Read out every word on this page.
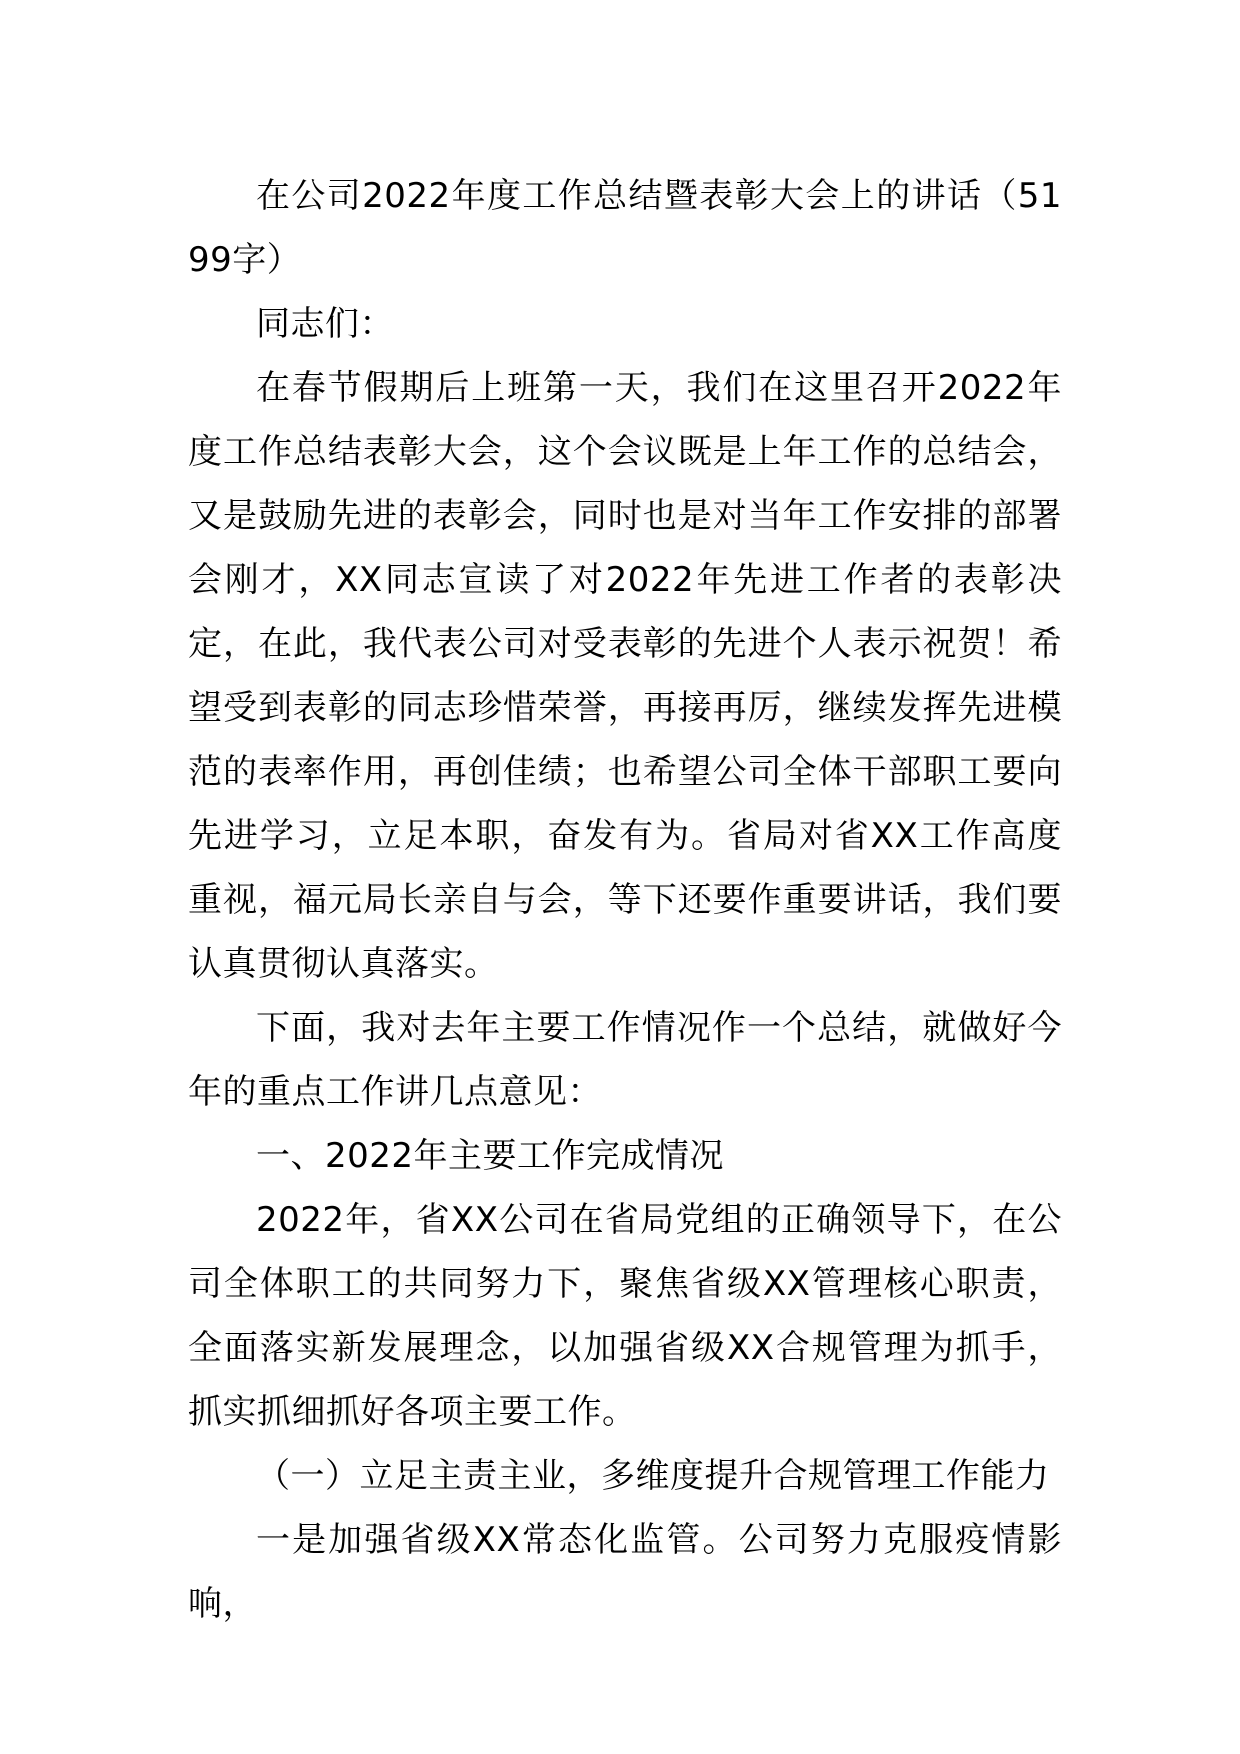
在公司2022年度工作总结暨表彰大会上的讲话（5199字）

同志们：

在春节假期后上班第一天，我们在这里召开2022年度工作总结表彰大会，这个会议既是上年工作的总结会，又是鼓励先进的表彰会，同时也是对当年工作安排的部署会刚才，XX同志宣读了对2022年先进工作者的表彰决定，在此，我代表公司对受表彰的先进个人表示祝贺！希望受到表彰的同志珍惜荣誉，再接再厉，继续发挥先进模范的表率作用，再创佳绩；也希望公司全体干部职工要向先进学习，立足本职，奋发有为。省局对省XX工作高度重视，福元局长亲自与会，等下还要作重要讲话，我们要认真贯彻认真落实。

下面，我对去年主要工作情况作一个总结，就做好今年的重点工作讲几点意见：

一、2022年主要工作完成情况

2022年，省XX公司在省局党组的正确领导下，在公司全体职工的共同努力下，聚焦省级XX管理核心职责，全面落实新发展理念，以加强省级XX合规管理为抓手，抓实抓细抓好各项主要工作。

（一）立足主责主业，多维度提升合规管理工作能力

一是加强省级XX常态化监管。公司努力克服疫情影响，
